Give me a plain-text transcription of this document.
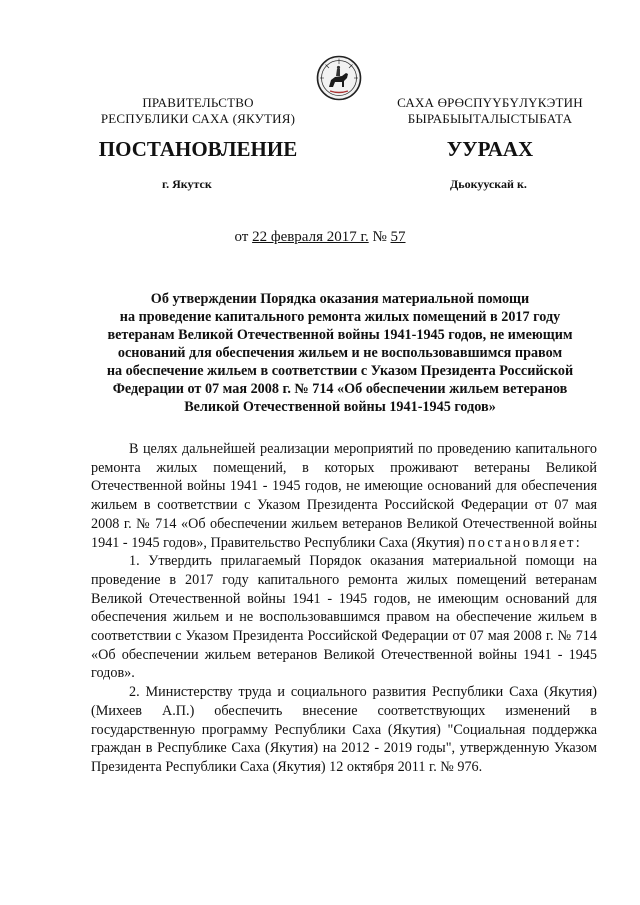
ПРАВИТЕЛЬСТВО
РЕСПУБЛИКИ САХА (ЯКУТИЯ)
САХА ӨРӨСПҮҮБҮЛҮКЭТИН
БЫРАБЫЫТАЛЫСТЫБАТА
ПОСТАНОВЛЕНИЕ	УУРААХ
г. Якутск	Дьокуускай к.
от 22 февраля 2017 г. № 57
Об утверждении Порядка оказания материальной помощи
на проведение капитального ремонта жилых помещений в 2017 году
ветеранам Великой Отечественной войны 1941-1945 годов, не имеющим
оснований для обеспечения жильем и не воспользовавшимся правом
на обеспечение жильем в соответствии с Указом Президента Российской
Федерации от 07 мая 2008 г. № 714 «Об обеспечении жильем ветеранов
Великой Отечественной войны 1941-1945 годов»

В целях дальнейшей реализации мероприятий по проведению капитального ремонта жилых помещений, в которых проживают ветераны Великой Отечественной войны 1941 - 1945 годов, не имеющие оснований для обеспечения жильем в соответствии с Указом Президента Российской Федерации от 07 мая 2008 г. № 714 «Об обеспечении жильем ветеранов Великой Отечественной войны 1941 - 1945 годов», Правительство Республики Саха (Якутия) постановляет:

1. Утвердить прилагаемый Порядок оказания материальной помощи на проведение в 2017 году капитального ремонта жилых помещений ветеранам Великой Отечественной войны 1941 - 1945 годов, не имеющим оснований для обеспечения жильем и не воспользовавшимся правом на обеспечение жильем в соответствии с Указом Президента Российской Федерации от 07 мая 2008 г. № 714 «Об обеспечении жильем ветеранов Великой Отечественной войны 1941 - 1945 годов».

2. Министерству труда и социального развития Республики Саха (Якутия) (Михеев А.П.) обеспечить внесение соответствующих изменений в государственную программу Республики Саха (Якутия) "Социальная поддержка граждан в Республике Саха (Якутия) на 2012 - 2019 годы", утвержденную Указом Президента Республики Саха (Якутия) 12 октября 2011 г. № 976.
